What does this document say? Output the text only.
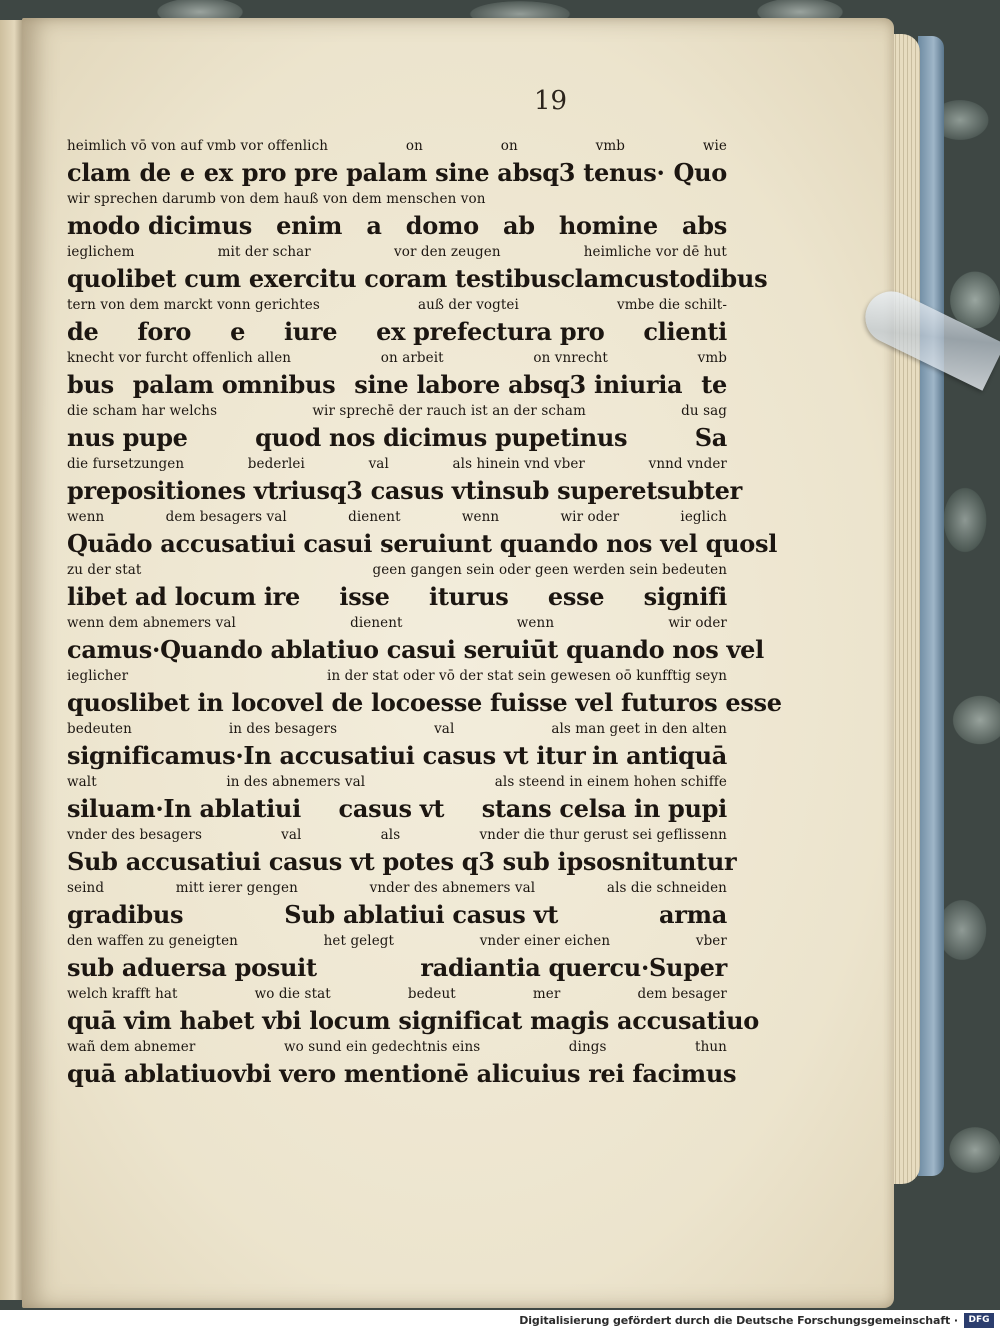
19
heimlich vō von auf vmb vor offenlich	on	on	vmb	wie
clam de e ex pro pre palam sine absq3 tenus· Quo
wir sprechen darumb von dem hauß von dem menschen von
modo dicimus enim a domo ab homine abs
ieglichem	mit der schar	vor den zeugen	heimliche vor dē hut
quolibet cum exercitu coram testibus clam custodibus
tern von dem marckt vonn gerichtes	auß der vogtei	vmbe die schilt-
de foro e iure ex prefectura pro clienti
knecht vor furcht offenlich allen	on arbeit	on vnrecht	vmb
bus palam omnibus sine labore absq3 iniuria te
die scham har welchs	wir sprechē der rauch ist an der scham	du sag
nus pupe	quod nos dicimus pupetinus	Sa
die fursetzungen	bederlei	val	als hinein vnd vber	vnnd vnder
prepositiones vtriusq3 casus vt in sub super et subter
wenn	dem besagers val	dienent	wenn	wir oder	ieglich
Quādo accusatiui casui seruiunt quando nos vel quosl
zu der stat	geen gangen sein oder geen werden sein bedeuten
libet ad locum ire isse iturus esse signifi
wenn dem abnemers val	dienent	wenn	wir oder
camus·Quando ablatiuo casui seruiūt quando nos vel
ieglicher	in der stat oder vō der stat sein gewesen oō kunfftig seyn
quoslibet in loco vel de loco esse fuisse vel futuros esse
bedeuten	in des besagers	val	als man geet in den alten
significamus·In accusatiui casus vt itur in antiquā
walt	in des abnemers val	als steend in einem hohen schiffe
siluam·In ablatiui casus vt stans celsa in pupi
vnder des besagers	val	als	vnder die thur gerust sei geflissenn
Sub accusatiui casus vt potes q3 sub ipsos nituntur
seind	mitt ierer gengen	vnder des abnemers val	als die schneiden
gradibus	Sub ablatiui casus vt	arma
den waffen zu geneigten	het gelegt	vnder einer eichen	vber
sub aduersa posuit	radiantia quercu·Super
welch krafft hat	wo die stat	bedeut	mer	dem besager
quā vim habet vbi locum significat magis accusatiuo
wañ dem abnemer	wo sund ein gedechtnis eins	dings	thun
quā ablatiuo vbi vero mentionē alicuius rei facimus
Digitalisierung gefördert durch die Deutsche Forschungsgemeinschaft ·	DFG
